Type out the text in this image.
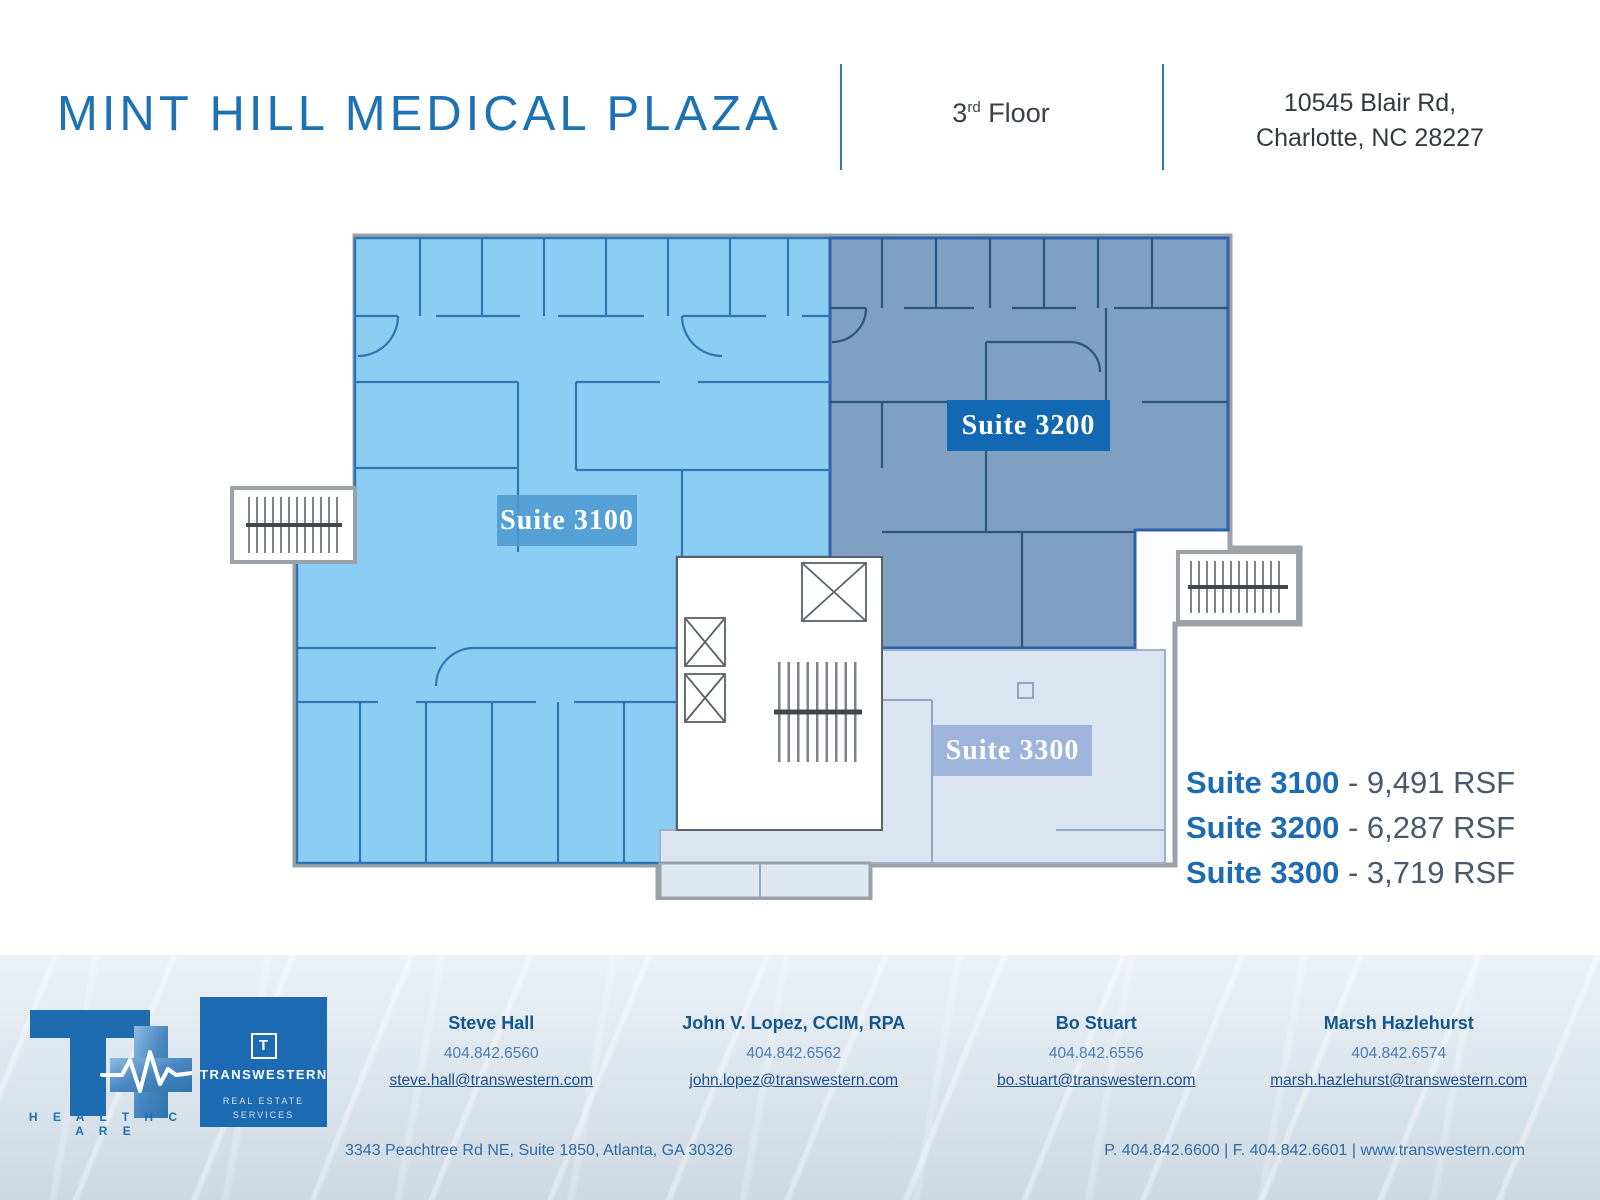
MINT HILL MEDICAL PLAZA	3rd Floor	10545 Blair Rd,
Charlotte, NC 28227
Suite 3100
Suite 3200
Suite 3300
Suite 3100 - 9,491 RSF
Suite 3200 - 6,287 RSF
Suite 3300 - 3,719 RSF
H E A L T H C A R E
T
TRANSWESTERN
REAL ESTATE
SERVICES
Steve Hall
404.842.6560
steve.hall@transwestern.com
John V. Lopez, CCIM, RPA
404.842.6562
john.lopez@transwestern.com
Bo Stuart
404.842.6556
bo.stuart@transwestern.com
Marsh Hazlehurst
404.842.6574
marsh.hazlehurst@transwestern.com
3343 Peachtree Rd NE, Suite 1850, Atlanta, GA 30326	P. 404.842.6600 | F. 404.842.6601 | www.transwestern.com
